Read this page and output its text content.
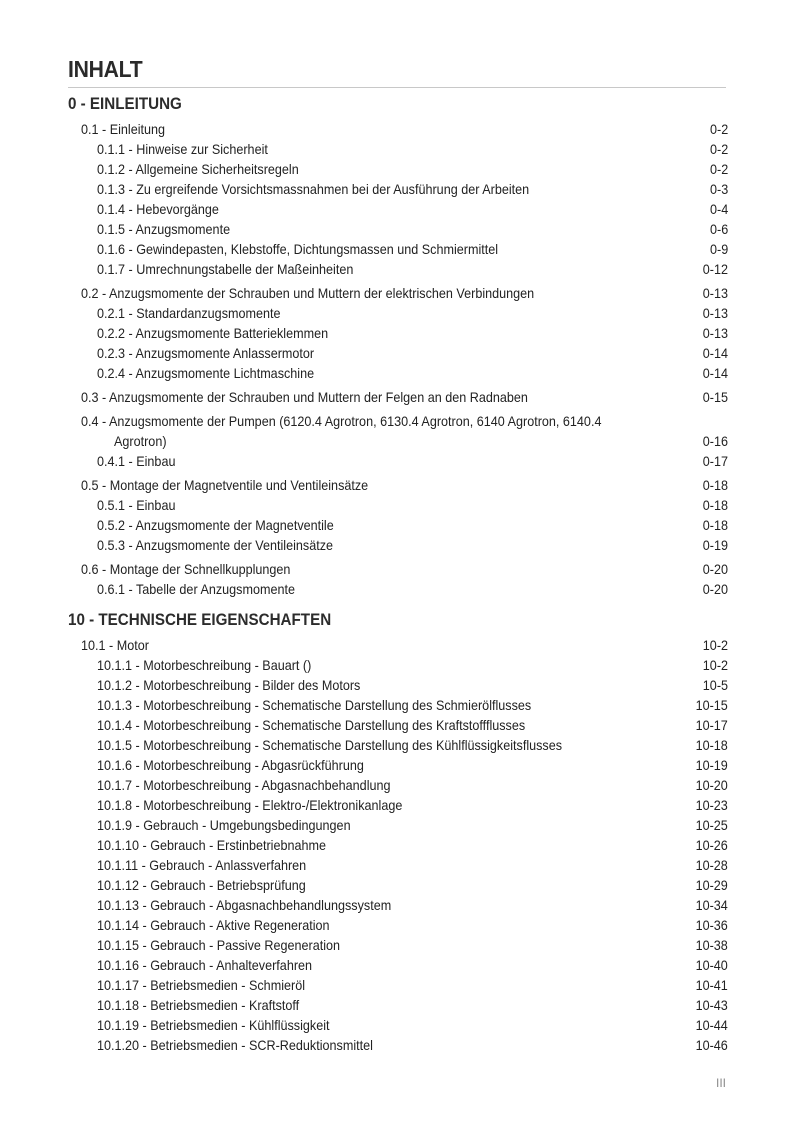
INHALT
0 - EINLEITUNG
0.1 - Einleitung	0-2
0.1.1 - Hinweise zur Sicherheit	0-2
0.1.2 - Allgemeine Sicherheitsregeln	0-2
0.1.3 - Zu ergreifende Vorsichtsmassnahmen bei der Ausführung der Arbeiten	0-3
0.1.4 - Hebevorgänge	0-4
0.1.5 - Anzugsmomente	0-6
0.1.6 - Gewindepasten, Klebstoffe, Dichtungsmassen und Schmiermittel	0-9
0.1.7 - Umrechnungstabelle der Maßeinheiten	0-12
0.2 - Anzugsmomente der Schrauben und Muttern der elektrischen Verbindungen	0-13
0.2.1 - Standardanzugsmomente	0-13
0.2.2 - Anzugsmomente Batterieklemmen	0-13
0.2.3 - Anzugsmomente Anlassermotor	0-14
0.2.4 - Anzugsmomente Lichtmaschine	0-14
0.3 - Anzugsmomente der Schrauben und Muttern der Felgen an den Radnaben	0-15
0.4 - Anzugsmomente der Pumpen (6120.4 Agrotron, 6130.4 Agrotron, 6140 Agrotron, 6140.4
Agrotron)	0-16
0.4.1 - Einbau	0-17
0.5 - Montage der Magnetventile und Ventileinsätze	0-18
0.5.1 - Einbau	0-18
0.5.2 - Anzugsmomente der Magnetventile	0-18
0.5.3 - Anzugsmomente der Ventileinsätze	0-19
0.6 - Montage der Schnellkupplungen	0-20
0.6.1 - Tabelle der Anzugsmomente	0-20
10 - TECHNISCHE EIGENSCHAFTEN
10.1 - Motor	10-2
10.1.1 - Motorbeschreibung - Bauart ()	10-2
10.1.2 - Motorbeschreibung - Bilder des Motors	10-5
10.1.3 - Motorbeschreibung - Schematische Darstellung des Schmierölflusses	10-15
10.1.4 - Motorbeschreibung - Schematische Darstellung des Kraftstoffflusses	10-17
10.1.5 - Motorbeschreibung - Schematische Darstellung des Kühlflüssigkeitsflusses	10-18
10.1.6 - Motorbeschreibung - Abgasrückführung	10-19
10.1.7 - Motorbeschreibung - Abgasnachbehandlung	10-20
10.1.8 - Motorbeschreibung - Elektro-/Elektronikanlage	10-23
10.1.9 - Gebrauch - Umgebungsbedingungen	10-25
10.1.10 - Gebrauch - Erstinbetriebnahme	10-26
10.1.11 - Gebrauch - Anlassverfahren	10-28
10.1.12 - Gebrauch - Betriebsprüfung	10-29
10.1.13 - Gebrauch - Abgasnachbehandlungssystem	10-34
10.1.14 - Gebrauch - Aktive Regeneration	10-36
10.1.15 - Gebrauch - Passive Regeneration	10-38
10.1.16 - Gebrauch - Anhalteverfahren	10-40
10.1.17 - Betriebsmedien - Schmieröl	10-41
10.1.18 - Betriebsmedien - Kraftstoff	10-43
10.1.19 - Betriebsmedien - Kühlflüssigkeit	10-44
10.1.20 - Betriebsmedien - SCR-Reduktionsmittel	10-46
III
